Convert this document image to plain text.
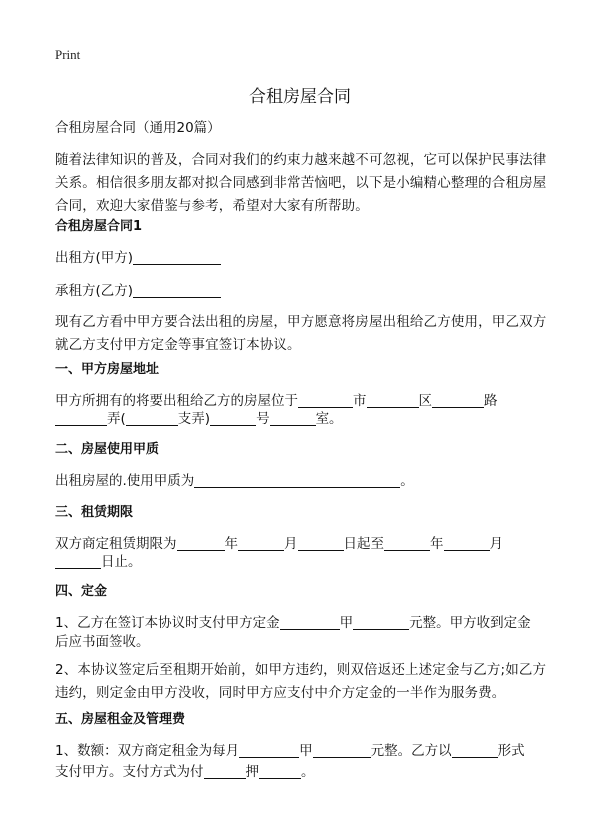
Print
合租房屋合同
合租房屋合同（通用20篇）
随着法律知识的普及，合同对我们的约束力越来越不可忽视，它可以保护民事法律关系。相信很多朋友都对拟合同感到非常苦恼吧，以下是小编精心整理的合租房屋合同，欢迎大家借鉴与参考，希望对大家有所帮助。
合租房屋合同1
出租方(甲方)
承租方(乙方)
现有乙方看中甲方要合法出租的房屋，甲方愿意将房屋出租给乙方使用，甲乙双方就乙方支付甲方定金等事宜签订本协议。
一、甲方房屋地址
甲方所拥有的将要出租给乙方的房屋位于	市	区	路
弄(	支弄)	号	室。
二、房屋使用甲质
出租房屋的.使用甲质为	。
三、租赁期限
双方商定租赁期限为	年	月	日起至	年	月
日止。
四、定金
1、乙方在签订本协议时支付甲方定金	甲	元整。甲方收到定金
后应书面签收。
2、本协议签定后至租期开始前，如甲方违约，则双倍返还上述定金与乙方;如乙方违约，则定金由甲方没收，同时甲方应支付中介方定金的一半作为服务费。
五、房屋租金及管理费
1、数额：双方商定租金为每月	甲	元整。乙方以	形式
支付甲方。支付方式为付	押	。
